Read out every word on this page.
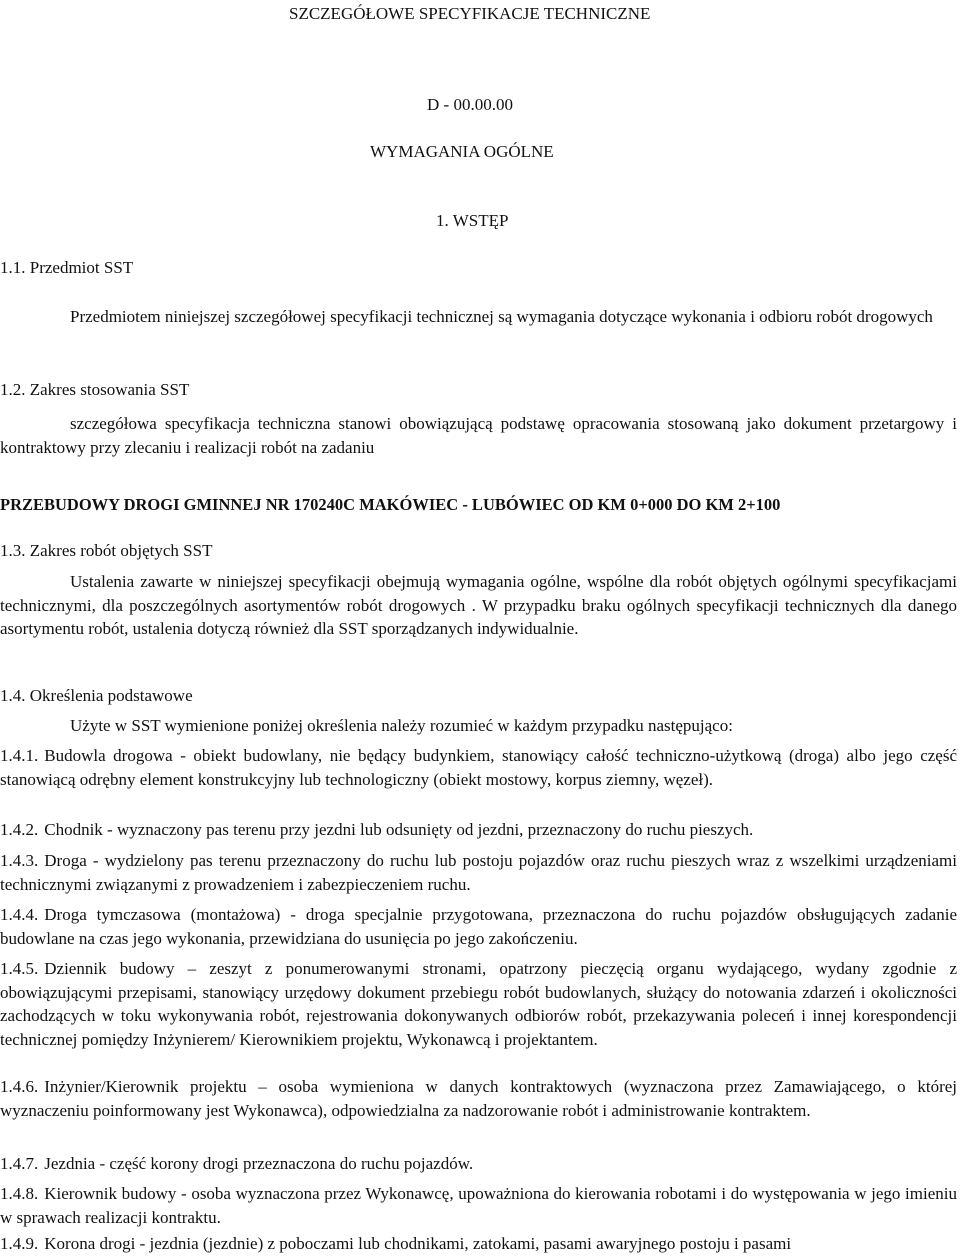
SZCZEGÓŁOWE SPECYFIKACJE TECHNICZNE
D - 00.00.00
WYMAGANIA OGÓLNE
1. WSTĘP
1.1. Przedmiot SST
Przedmiotem niniejszej szczegółowej specyfikacji technicznej są wymagania dotyczące wykonania i odbioru robót drogowych
1.2. Zakres stosowania SST
szczegółowa specyfikacja techniczna stanowi obowiązującą podstawę opracowania stosowaną jako dokument przetargowy i kontraktowy przy zlecaniu i realizacji robót na zadaniu
PRZEBUDOWY DROGI GMINNEJ NR 170240C MAKÓWIEC - LUBÓWIEC OD KM 0+000 DO KM 2+100
1.3. Zakres robót objętych SST
Ustalenia zawarte w niniejszej specyfikacji obejmują wymagania ogólne, wspólne dla robót objętych ogólnymi specyfikacjami technicznymi, dla poszczególnych asortymentów robót drogowych . W przypadku braku ogólnych specyfikacji technicznych dla danego asortymentu robót, ustalenia dotyczą również dla SST sporządzanych indywidualnie.
1.4. Określenia podstawowe
Użyte w SST wymienione poniżej określenia należy rozumieć w każdym przypadku następująco:
1.4.1. Budowla drogowa - obiekt budowlany, nie będący budynkiem, stanowiący całość techniczno-użytkową (droga) albo jego część stanowiącą odrębny element konstrukcyjny lub technologiczny (obiekt mostowy, korpus ziemny, węzeł).
1.4.2. Chodnik - wyznaczony pas terenu przy jezdni lub odsunięty od jezdni, przeznaczony do ruchu pieszych.
1.4.3. Droga - wydzielony pas terenu przeznaczony do ruchu lub postoju pojazdów oraz ruchu pieszych wraz z wszelkimi urządzeniami technicznymi związanymi z prowadzeniem i zabezpieczeniem ruchu.
1.4.4. Droga tymczasowa (montażowa) - droga specjalnie przygotowana, przeznaczona do ruchu pojazdów obsługujących zadanie budowlane na czas jego wykonania, przewidziana do usunięcia po jego zakończeniu.
1.4.5. Dziennik budowy – zeszyt z ponumerowanymi stronami, opatrzony pieczęcią organu wydającego, wydany zgodnie z obowiązującymi przepisami, stanowiący urzędowy dokument przebiegu robót budowlanych, służący do notowania zdarzeń i okoliczności zachodzących w toku wykonywania robót, rejestrowania dokonywanych odbiorów robót, przekazywania poleceń i innej korespondencji technicznej pomiędzy Inżynierem/ Kierownikiem projektu, Wykonawcą i projektantem.
1.4.6. Inżynier/Kierownik projektu – osoba wymieniona w danych kontraktowych (wyznaczona przez Zamawiającego, o której wyznaczeniu poinformowany jest Wykonawca), odpowiedzialna za nadzorowanie robót i administrowanie kontraktem.
1.4.7. Jezdnia - część korony drogi przeznaczona do ruchu pojazdów.
1.4.8. Kierownik budowy - osoba wyznaczona przez Wykonawcę, upoważniona do kierowania robotami i do występowania w jego imieniu w sprawach realizacji kontraktu.
1.4.9. Korona drogi - jezdnia (jezdnie) z poboczami lub chodnikami, zatokami, pasami awaryjnego postoju i pasami
